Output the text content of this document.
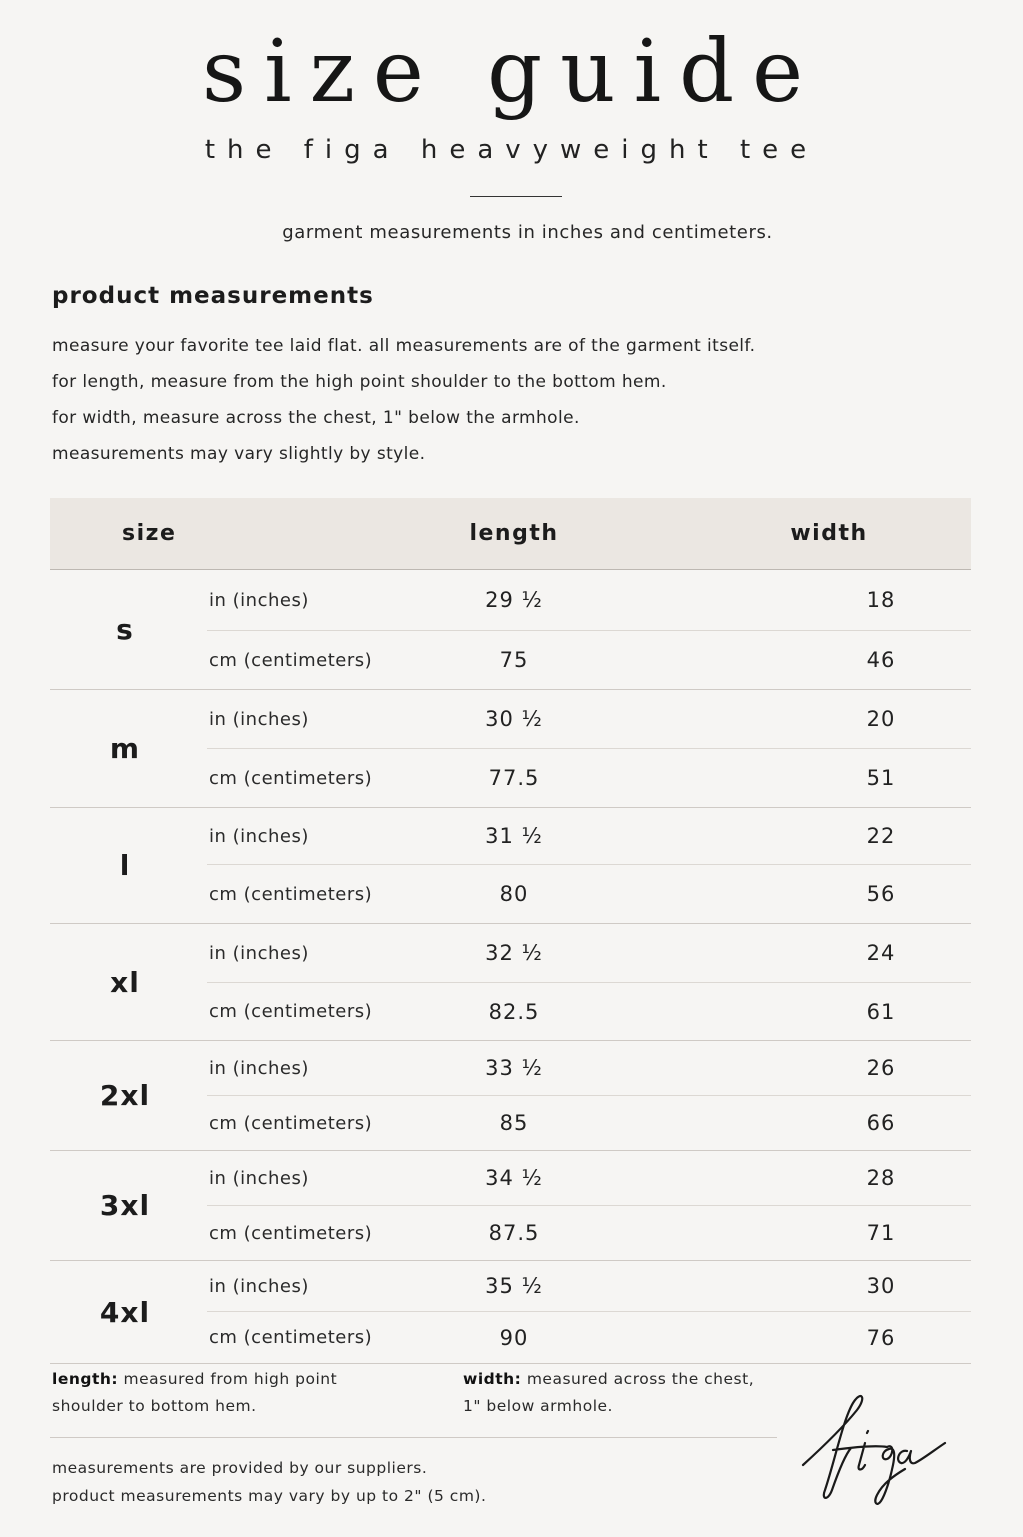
size guide
the figa heavyweight tee
garment measurements in inches and centimeters.
product measurements
measure your favorite tee laid flat. all measurements are of the garment itself.
for length, measure from the high point shoulder to the bottom hem.
for width, measure across the chest, 1" below the armhole.
measurements may vary slightly by style.
size	length	width
s
in (inches)	29 ½	18
cm (centimeters)	75	46
m
in (inches)	30 ½	20
cm (centimeters)	77.5	51
l
in (inches)	31 ½	22
cm (centimeters)	80	56
xl
in (inches)	32 ½	24
cm (centimeters)	82.5	61
2xl
in (inches)	33 ½	26
cm (centimeters)	85	66
3xl
in (inches)	34 ½	28
cm (centimeters)	87.5	71
4xl
in (inches)	35 ½	30
cm (centimeters)	90	76
length: measured from high point
shoulder to bottom hem.
width: measured across the chest,
1" below armhole.
measurements are provided by our suppliers.
product measurements may vary by up to 2" (5 cm).
